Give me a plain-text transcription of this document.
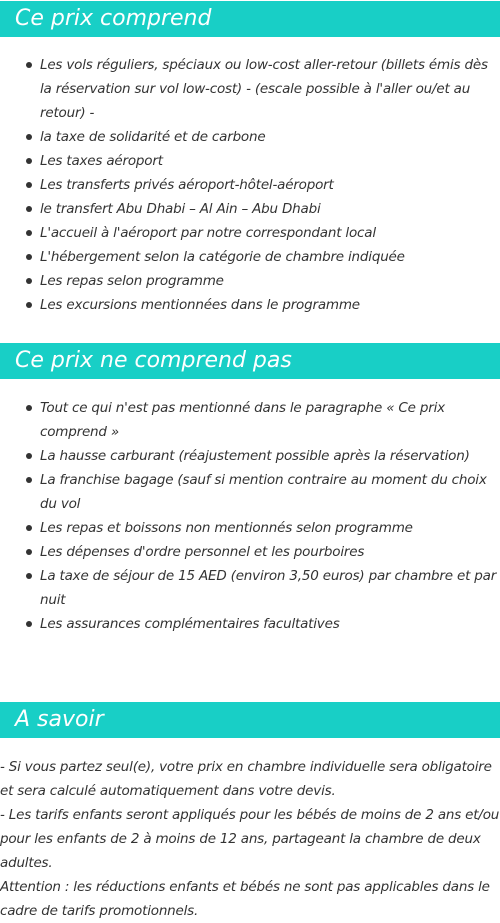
Ce prix comprend
Les vols réguliers, spéciaux ou low-cost aller-retour (billets émis dès la réservation sur vol low-cost) - (escale possible à l'aller ou/et au retour) -
la taxe de solidarité et de carbone
Les taxes aéroport
Les transferts privés aéroport-hôtel-aéroport
le transfert Abu Dhabi – Al Ain – Abu Dhabi
L'accueil à l'aéroport par notre correspondant local
L'hébergement selon la catégorie de chambre indiquée
Les repas selon programme
Les excursions mentionnées dans le programme
Ce prix ne comprend pas
Tout ce qui n'est pas mentionné dans le paragraphe « Ce prix comprend »
La hausse carburant (réajustement possible après la réservation)
La franchise bagage (sauf si mention contraire au moment du choix du vol
Les repas et boissons non mentionnés selon programme
Les dépenses d'ordre personnel et les pourboires
La taxe de séjour de 15 AED (environ 3,50 euros) par chambre et par nuit
Les assurances complémentaires facultatives
A savoir

- Si vous partez seul(e), votre prix en chambre individuelle sera obligatoire et sera calculé automatiquement dans votre devis.

- Les tarifs enfants seront appliqués pour les bébés de moins de 2 ans et/ou pour les enfants de 2 à moins de 12 ans, partageant la chambre de deux adultes.

Attention : les réductions enfants et bébés ne sont pas applicables dans le cadre de tarifs promotionnels.
